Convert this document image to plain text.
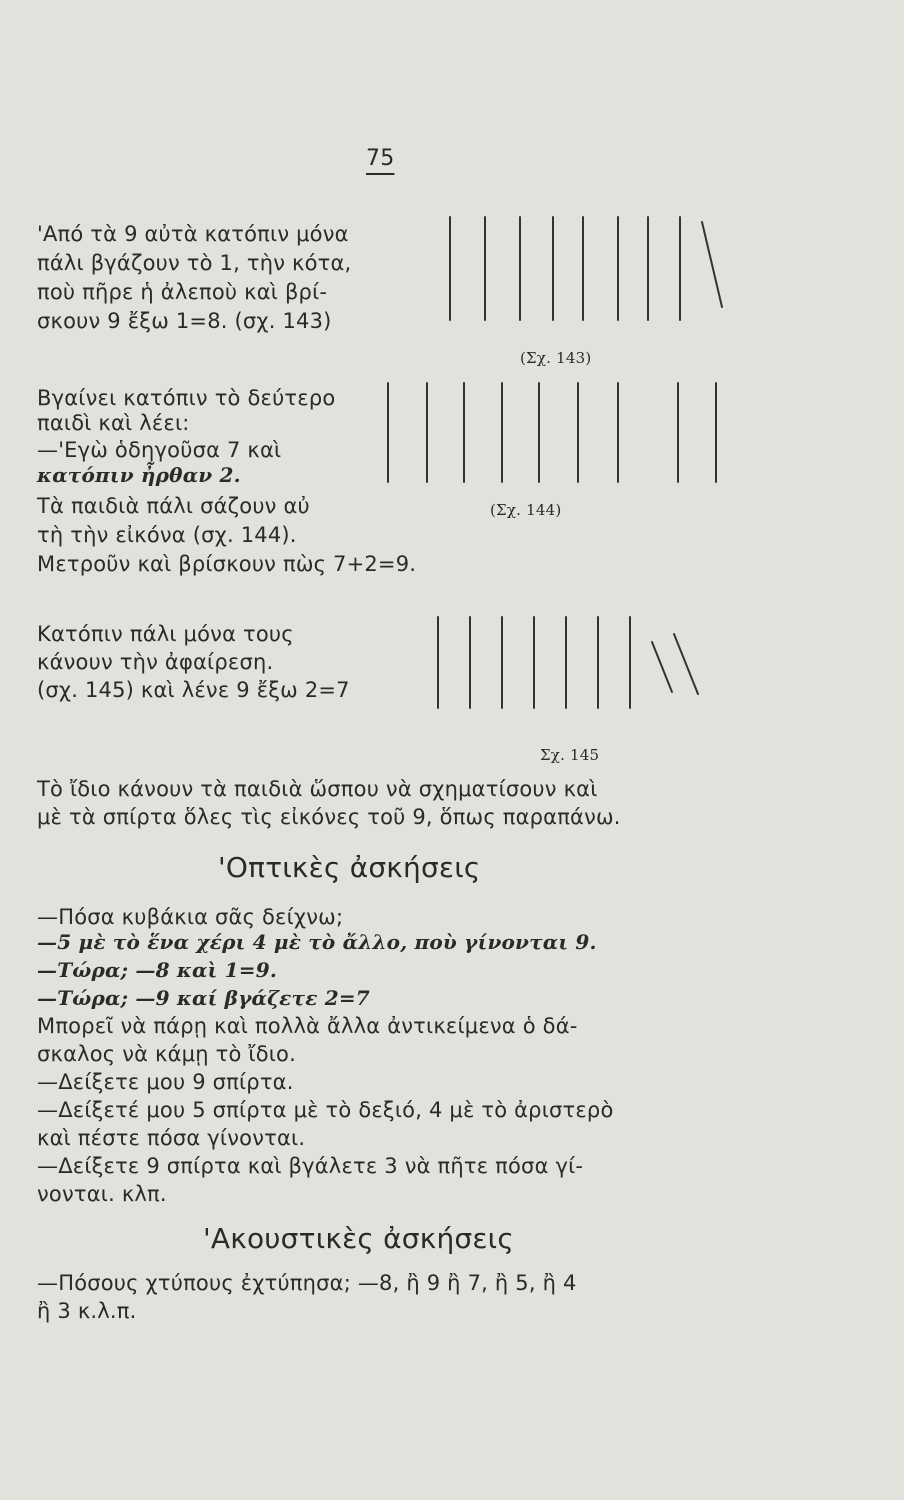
75
'Από τὰ 9 αὐτὰ κατόπιν μόνα
πάλι βγάζουν τὸ 1, τὴν κότα,
ποὺ πῆρε ἡ ἀλεποὺ καὶ βρί-
σκουν 9 ἔξω 1=8. (σχ. 143)
(Σχ. 143)
Βγαίνει κατόπιν τὸ δεύτερο
παιδὶ καὶ λέει:
—'Εγὼ ὁδηγοῦσα 7 καὶ
κατόπιν ἦρθαν 2.
Τὰ παιδιὰ πάλι σάζουν αὐ
τὴ τὴν εἰκόνα (σχ. 144).
Μετροῦν καὶ βρίσκουν πὼς 7+2=9.
(Σχ. 144)
Κατόπιν πάλι μόνα τους
κάνουν τὴν ἀφαίρεση.
(σχ. 145) καὶ λένε 9 ἔξω 2=7
Σχ. 145
Τὸ ἴδιο κάνουν τὰ παιδιὰ ὥσπου νὰ σχηματίσουν καὶ
μὲ τὰ σπίρτα ὅλες τὶς εἰκόνες τοῦ 9, ὅπως παραπάνω.
'Οπτικὲς ἀσκήσεις
—Πόσα κυβάκια σᾶς δείχνω;
—5 μὲ τὸ ἕνα χέρι 4 μὲ τὸ ἄλλο, ποὺ γίνονται 9.
—Τώρα; —8 καὶ 1=9.
—Τώρα; —9 καί βγάζετε 2=7
Μπορεῖ νὰ πάρῃ καὶ πολλὰ ἄλλα ἀντικείμενα ὁ δά-
σκαλος νὰ κάμῃ τὸ ἴδιο.
—Δείξετε μου 9 σπίρτα.
—Δείξετέ μου 5 σπίρτα μὲ τὸ δεξιό, 4 μὲ τὸ ἀριστερὸ
καὶ πέστε πόσα γίνονται.
—Δείξετε 9 σπίρτα καὶ βγάλετε 3 νὰ πῆτε πόσα γί-
νονται. κλπ.
'Ακουστικὲς ἀσκήσεις
—Πόσους χτύπους ἐχτύπησα; —8, ἢ 9 ἢ 7, ἢ 5, ἢ 4
ἢ 3 κ.λ.π.
